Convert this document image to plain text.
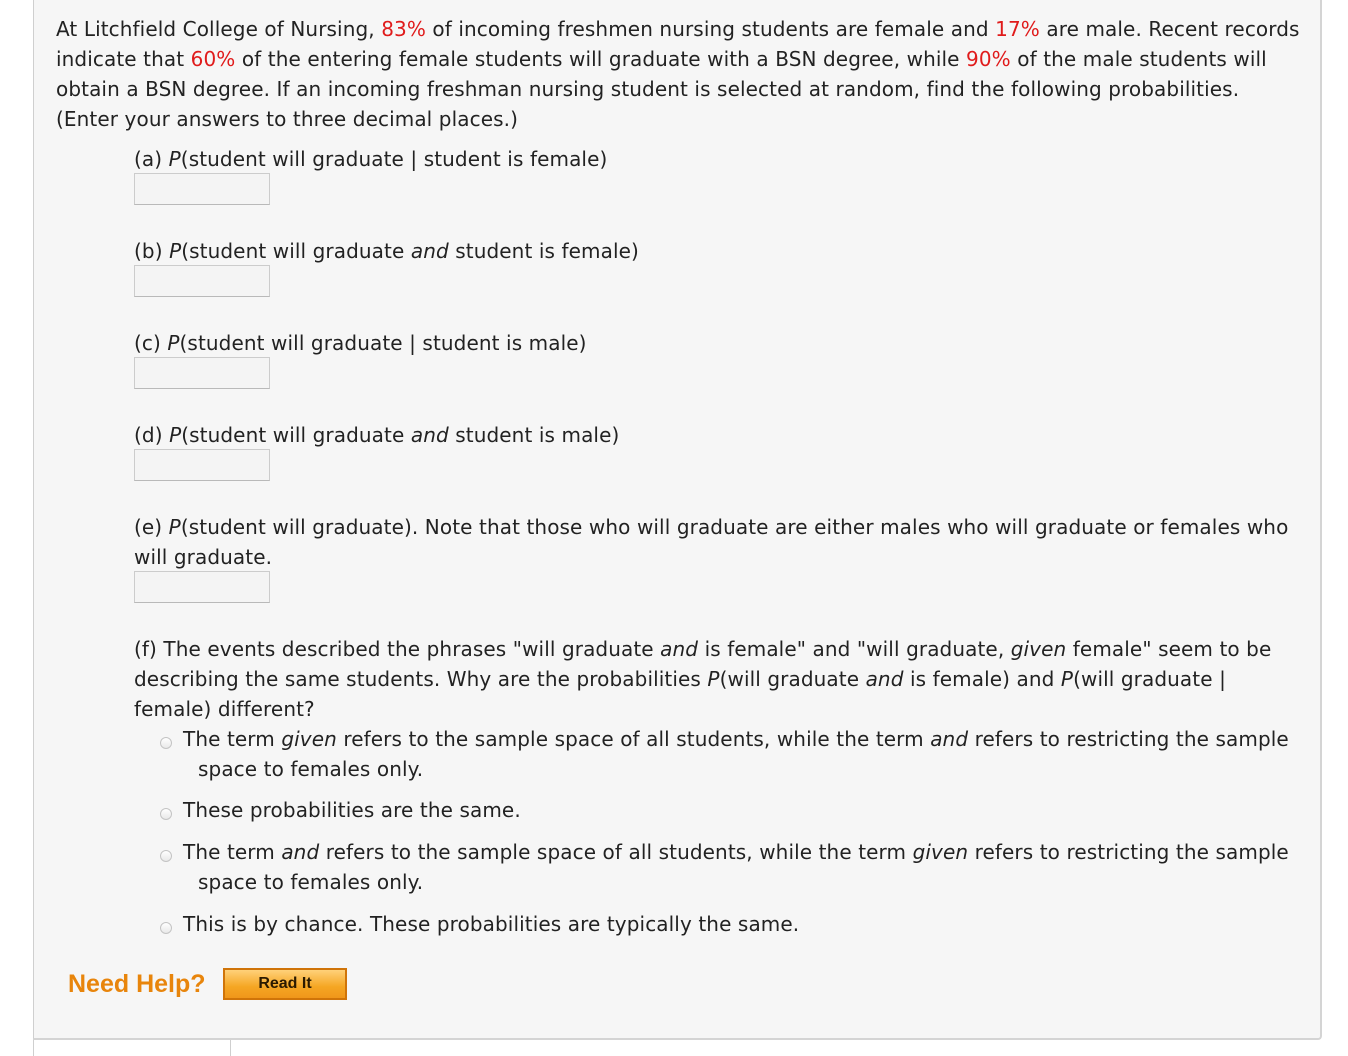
At Litchfield College of Nursing, 83% of incoming freshmen nursing students are female and 17% are male. Recent records indicate that 60% of the entering female students will graduate with a BSN degree, while 90% of the male students will obtain a BSN degree. If an incoming freshman nursing student is selected at random, find the following probabilities. (Enter your answers to three decimal places.)
(a) P(student will graduate | student is female)
(b) P(student will graduate and student is female)
(c) P(student will graduate | student is male)
(d) P(student will graduate and student is male)
(e) P(student will graduate). Note that those who will graduate are either males who will graduate or females who
will graduate.
(f) The events described the phrases "will graduate and is female" and "will graduate, given female" seem to be
describing the same students. Why are the probabilities P(will graduate and is female) and P(will graduate |
female) different?
The term given refers to the sample space of all students, while the term and refers to restricting the sample
space to females only.
These probabilities are the same.
The term and refers to the sample space of all students, while the term given refers to restricting the sample
space to females only.
This is by chance. These probabilities are typically the same.
Need Help?	Read It
